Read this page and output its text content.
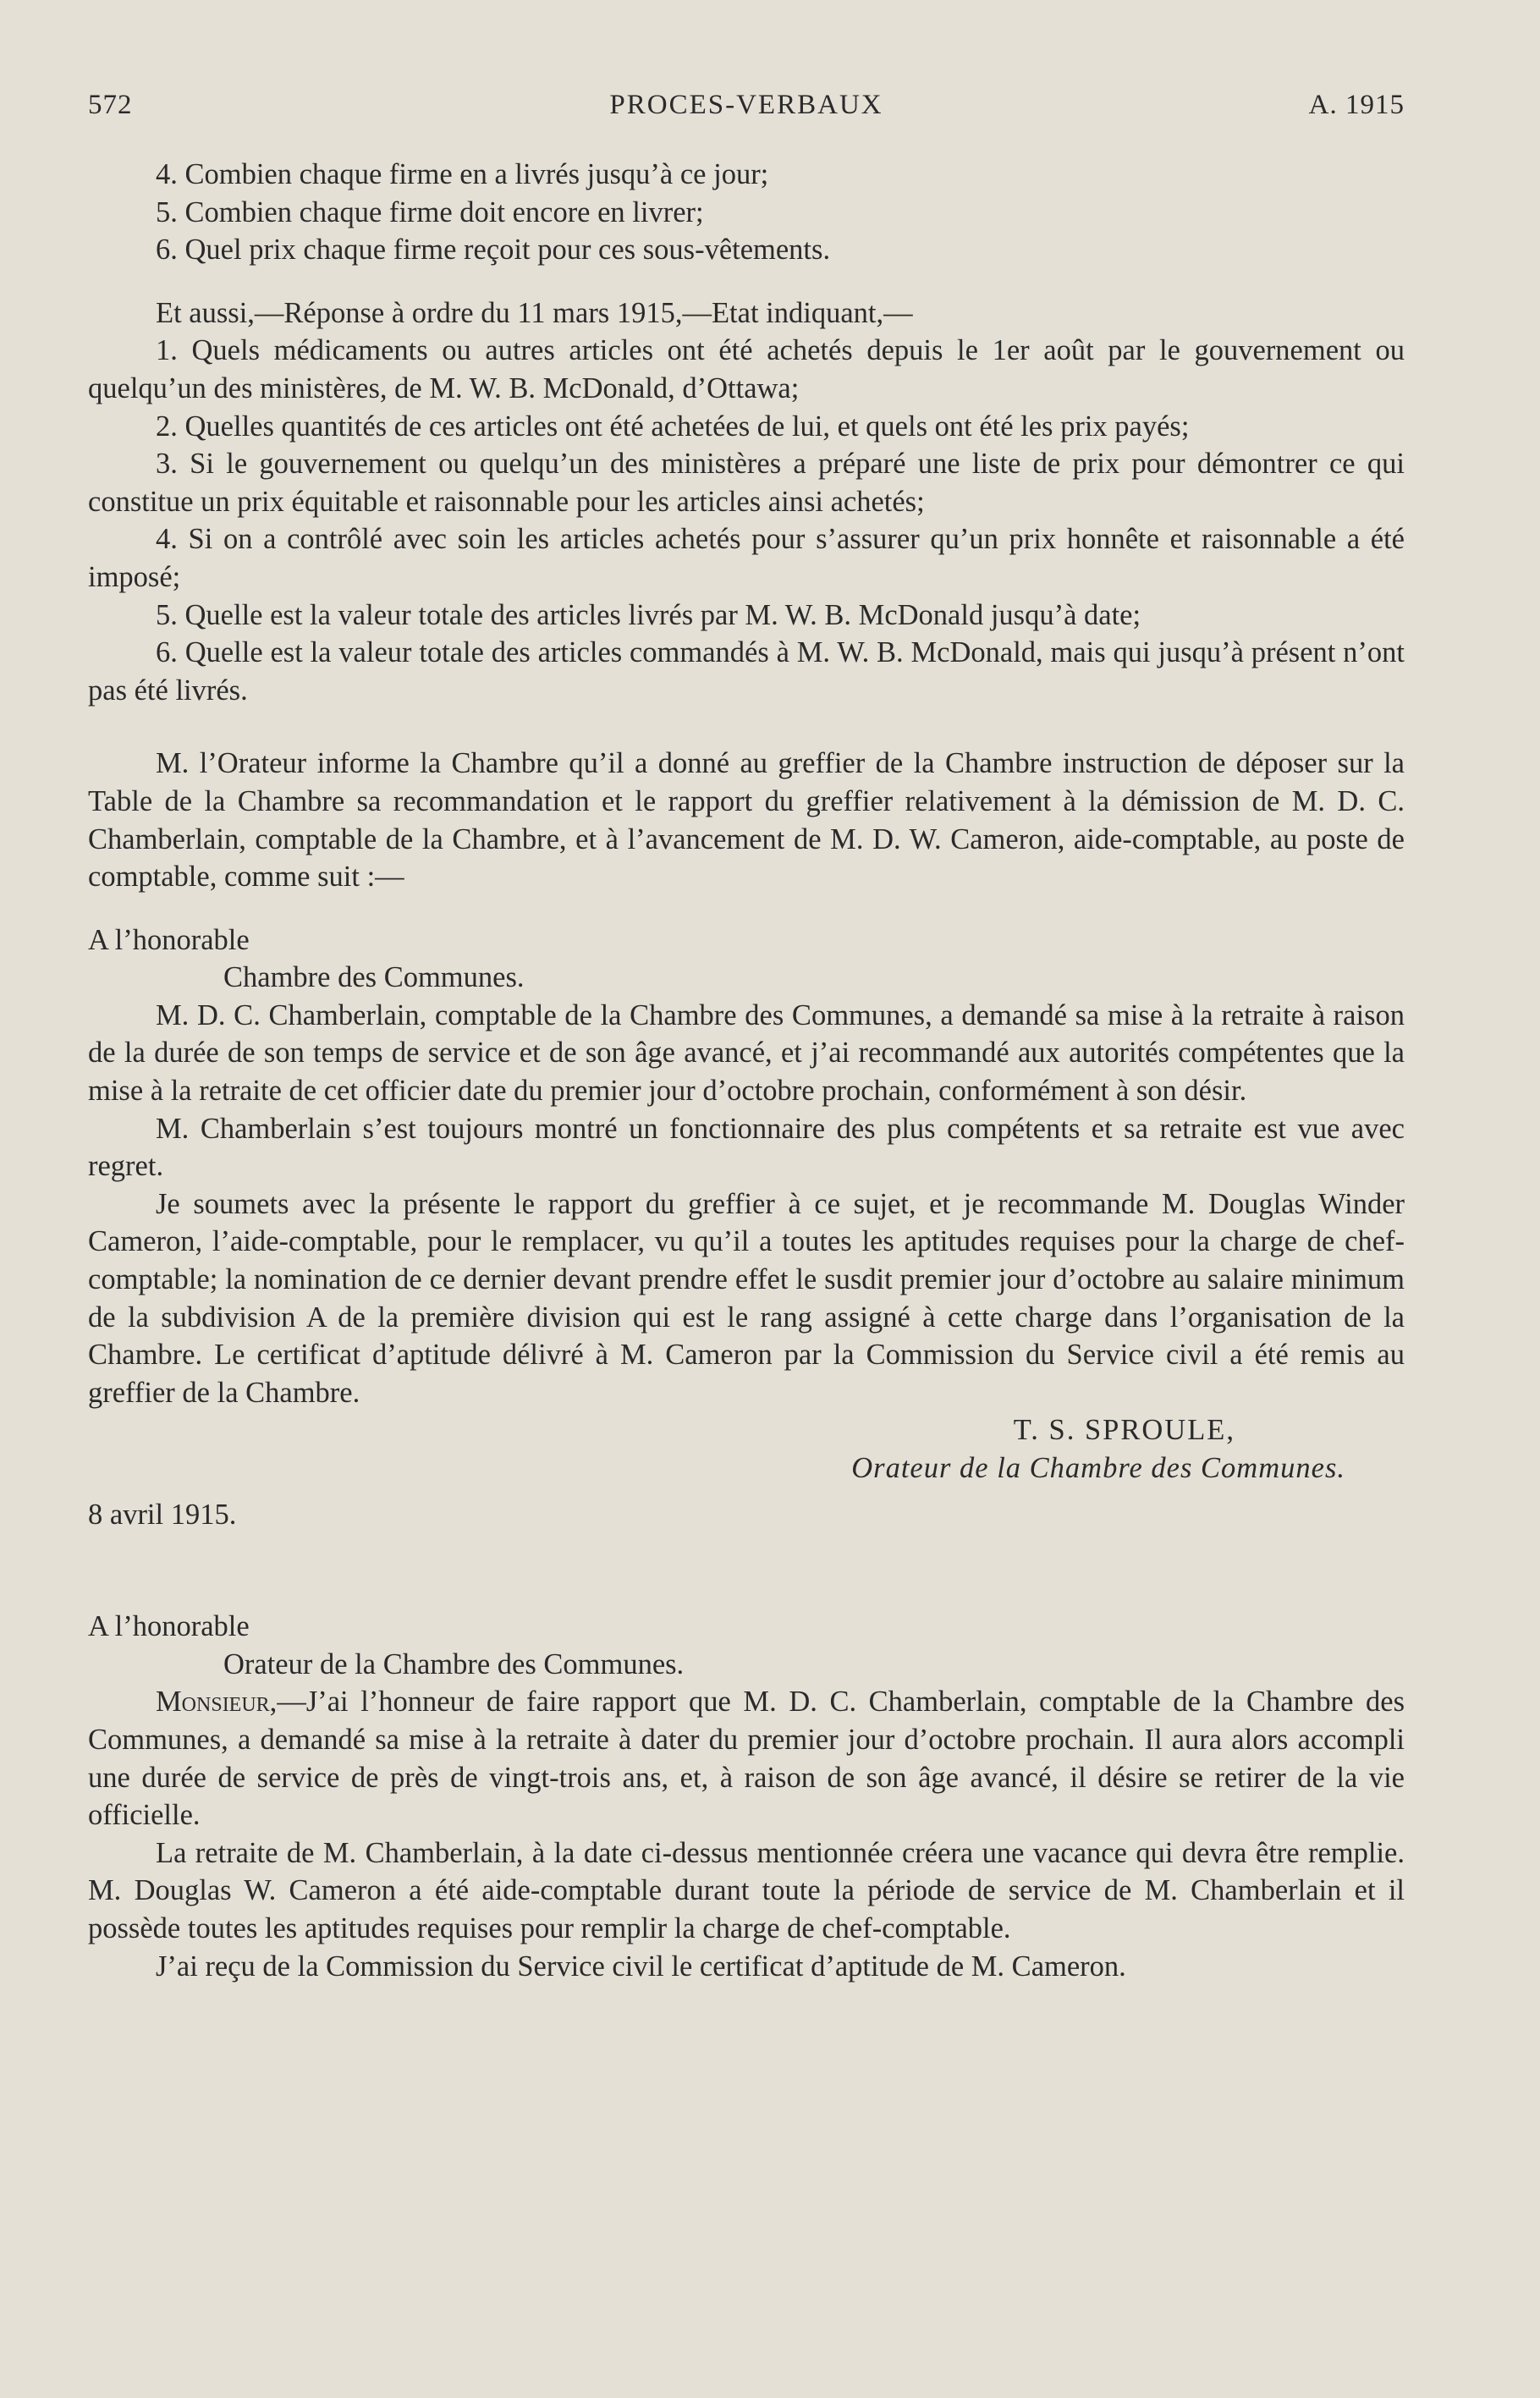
572	PROCES-VERBAUX	A. 1915

4. Combien chaque firme en a livrés jusqu’à ce jour;

5. Combien chaque firme doit encore en livrer;

6. Quel prix chaque firme reçoit pour ces sous-vêtements.

Et aussi,—Réponse à ordre du 11 mars 1915,—Etat indiquant,—

1. Quels médicaments ou autres articles ont été achetés depuis le 1er août par le gouvernement ou quelqu’un des ministères, de M. W. B. McDonald, d’Ottawa;

2. Quelles quantités de ces articles ont été achetées de lui, et quels ont été les prix payés;

3. Si le gouvernement ou quelqu’un des ministères a préparé une liste de prix pour démontrer ce qui constitue un prix équitable et raisonnable pour les articles ainsi achetés;

4. Si on a contrôlé avec soin les articles achetés pour s’assurer qu’un prix honnête et raisonnable a été imposé;

5. Quelle est la valeur totale des articles livrés par M. W. B. McDonald jusqu’à date;

6. Quelle est la valeur totale des articles commandés à M. W. B. McDonald, mais qui jusqu’à présent n’ont pas été livrés.

M. l’Orateur informe la Chambre qu’il a donné au greffier de la Chambre instruction de déposer sur la Table de la Chambre sa recommandation et le rapport du greffier relativement à la démission de M. D. C. Chamberlain, comptable de la Chambre, et à l’avancement de M. D. W. Cameron, aide-comptable, au poste de comptable, comme suit :—

A l’honorable

Chambre des Communes.

M. D. C. Chamberlain, comptable de la Chambre des Communes, a demandé sa mise à la retraite à raison de la durée de son temps de service et de son âge avancé, et j’ai recommandé aux autorités compétentes que la mise à la retraite de cet officier date du premier jour d’octobre prochain, conformément à son désir.

M. Chamberlain s’est toujours montré un fonctionnaire des plus compétents et sa retraite est vue avec regret.

Je soumets avec la présente le rapport du greffier à ce sujet, et je recommande M. Douglas Winder Cameron, l’aide-comptable, pour le remplacer, vu qu’il a toutes les aptitudes requises pour la charge de chef-comptable; la nomination de ce dernier devant prendre effet le susdit premier jour d’octobre au salaire minimum de la subdivision A de la première division qui est le rang assigné à cette charge dans l’organisation de la Chambre. Le certificat d’aptitude délivré à M. Cameron par la Commission du Service civil a été remis au greffier de la Chambre.

T. S. SPROULE,

Orateur de la Chambre des Communes.

8 avril 1915.

A l’honorable

Orateur de la Chambre des Communes.

Monsieur,—J’ai l’honneur de faire rapport que M. D. C. Chamberlain, comptable de la Chambre des Communes, a demandé sa mise à la retraite à dater du premier jour d’octobre prochain. Il aura alors accompli une durée de service de près de vingt-trois ans, et, à raison de son âge avancé, il désire se retirer de la vie officielle.

La retraite de M. Chamberlain, à la date ci-dessus mentionnée créera une vacance qui devra être remplie. M. Douglas W. Cameron a été aide-comptable durant toute la période de service de M. Chamberlain et il possède toutes les aptitudes requises pour remplir la charge de chef-comptable.

J’ai reçu de la Commission du Service civil le certificat d’aptitude de M. Cameron.
